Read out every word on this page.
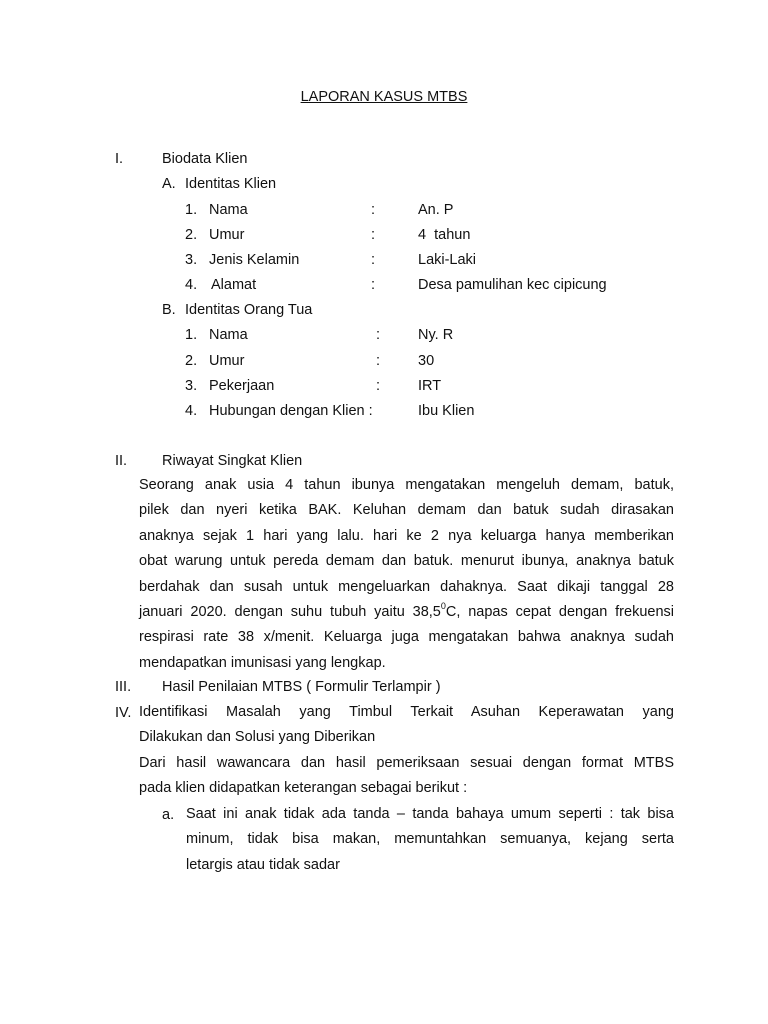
LAPORAN KASUS MTBS
I.	Biodata Klien
A. Identitas Klien
1. Nama	:	An. P
2. Umur	:	4  tahun
3. Jenis Kelamin	:	Laki-Laki
4. Alamat	:	Desa pamulihan kec cipicung
B. Identitas Orang Tua
1. Nama	:	Ny. R
2. Umur	:	30
3. Pekerjaan	:	IRT
4. Hubungan dengan Klien :	Ibu Klien
II. Riwayat Singkat Klien
Seorang anak usia 4 tahun ibunya mengatakan mengeluh demam, batuk,
pilek dan nyeri ketika BAK. Keluhan demam dan batuk sudah dirasakan
anaknya sejak 1 hari yang lalu. hari ke 2 nya keluarga hanya memberikan
obat warung untuk pereda demam dan batuk. menurut ibunya, anaknya batuk
berdahak dan susah untuk mengeluarkan dahaknya. Saat dikaji tanggal 28
januari 2020. dengan suhu tubuh yaitu 38,5$^0$C, napas cepat dengan frekuensi
respirasi rate 38 x/menit. Keluarga juga mengatakan bahwa anaknya sudah
mendapatkan imunisasi yang lengkap.
III. Hasil Penilaian MTBS ( Formulir Terlampir )
IV. Identifikasi Masalah yang Timbul Terkait Asuhan Keperawatan yang
Dilakukan dan Solusi yang Diberikan
Dari hasil wawancara dan hasil pemeriksaan sesuai dengan format MTBS
pada klien didapatkan keterangan sebagai berikut :
a. Saat ini anak tidak ada tanda – tanda bahaya umum seperti : tak bisa
minum, tidak bisa makan, memuntahkan semuanya, kejang serta
letargis atau tidak sadar
